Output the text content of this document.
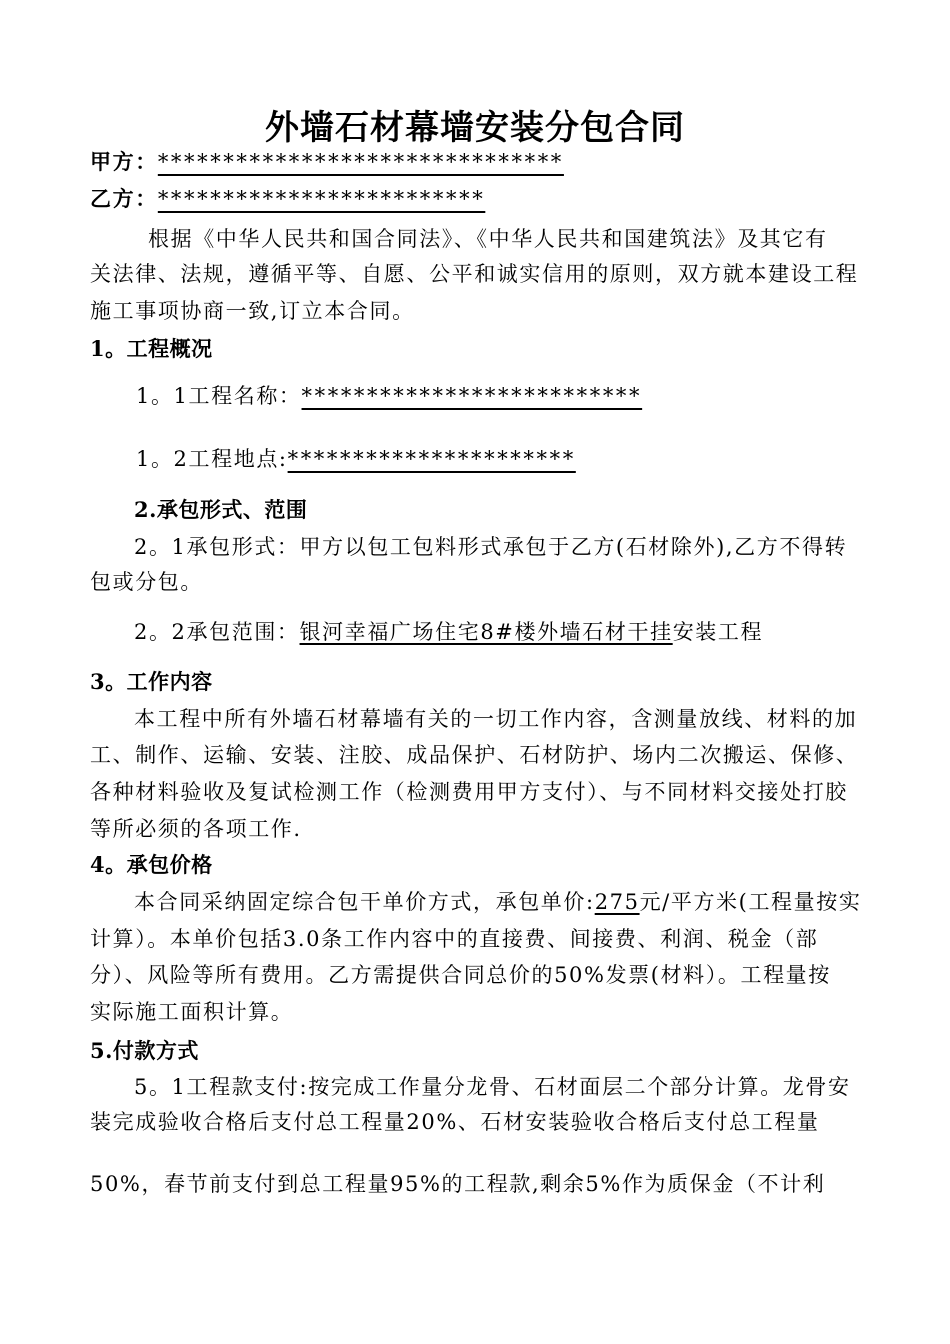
外墙石材幕墙安装分包合同
甲方：*******************************
乙方：*************************
根据《中华人民共和国合同法》、《中华人民共和国建筑法》及其它有
关法律、法规，遵循平等、自愿、公平和诚实信用的原则，双方就本建设工程
施工事项协商一致,订立本合同。
1。工程概况
1。1工程名称：**************************
1。2工程地点:**********************
2.承包形式、范围
2。1承包形式：甲方以包工包料形式承包于乙方(石材除外),乙方不得转
包或分包。
2。2承包范围：银河幸福广场住宅8#楼外墙石材干挂安装工程
3。工作内容
本工程中所有外墙石材幕墙有关的一切工作内容，含测量放线、材料的加
工、制作、运输、安装、注胶、成品保护、石材防护、场内二次搬运、保修、
各种材料验收及复试检测工作（检测费用甲方支付）、与不同材料交接处打胶
等所必须的各项工作.
4。承包价格
本合同采纳固定综合包干单价方式，承包单价:275元/平方米(工程量按实
计算）。本单价包括3.0条工作内容中的直接费、间接费、利润、税金（部
分）、风险等所有费用。乙方需提供合同总价的50%发票(材料）。工程量按
实际施工面积计算。
5.付款方式
5。1工程款支付:按完成工作量分龙骨、石材面层二个部分计算。龙骨安
装完成验收合格后支付总工程量20%、石材安装验收合格后支付总工程量
50%，春节前支付到总工程量95%的工程款,剩余5%作为质保金（不计利
